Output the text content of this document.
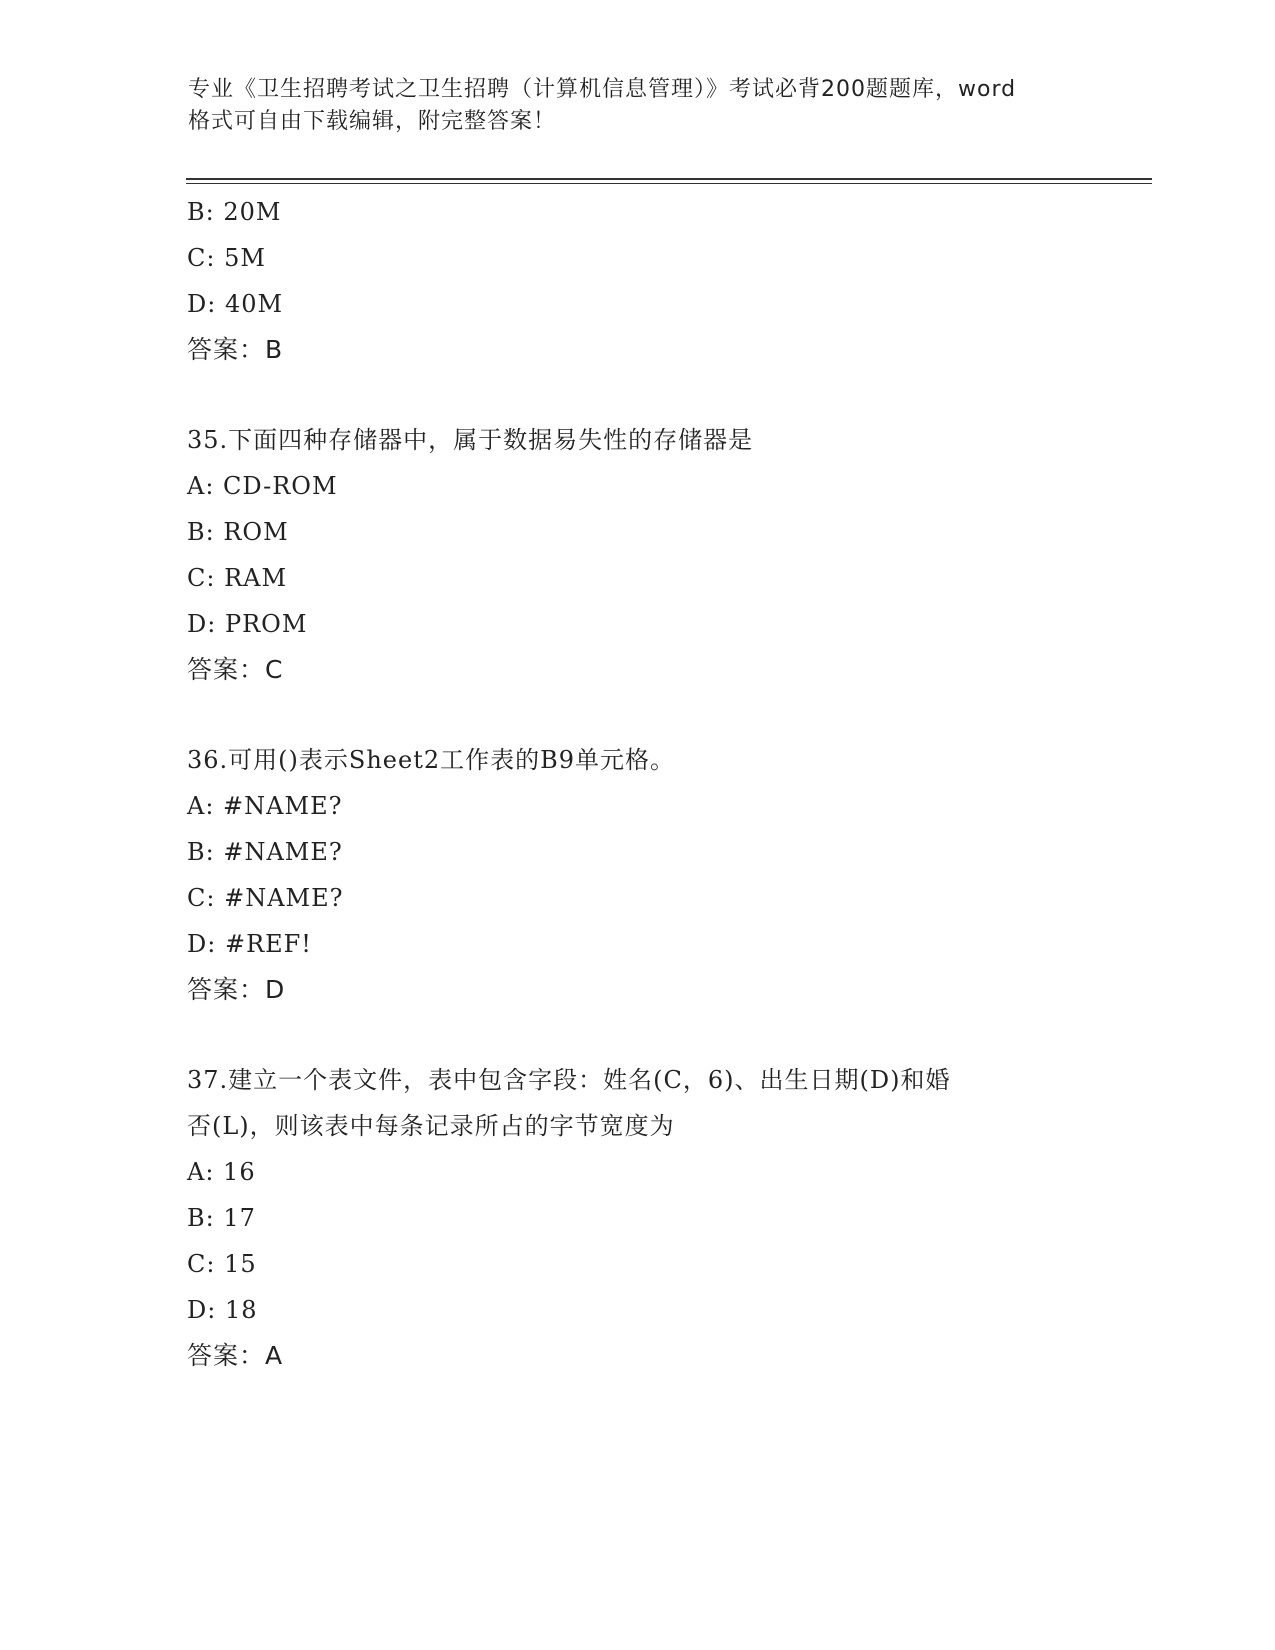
专业《卫生招聘考试之卫生招聘（计算机信息管理）》考试必背200题题库，word
格式可自由下载编辑，附完整答案！
B: 20M
C: 5M
D: 40M
答案：B
35.下面四种存储器中，属于数据易失性的存储器是
A: CD-ROM
B: ROM
C: RAM
D: PROM
答案：C
36.可用()表示Sheet2工作表的B9单元格。
A: #NAME?
B: #NAME?
C: #NAME?
D: #REF!
答案：D
37.建立一个表文件，表中包含字段：姓名(C，6)、出生日期(D)和婚
否(L)，则该表中每条记录所占的字节宽度为
A: 16
B: 17
C: 15
D: 18
答案：A
